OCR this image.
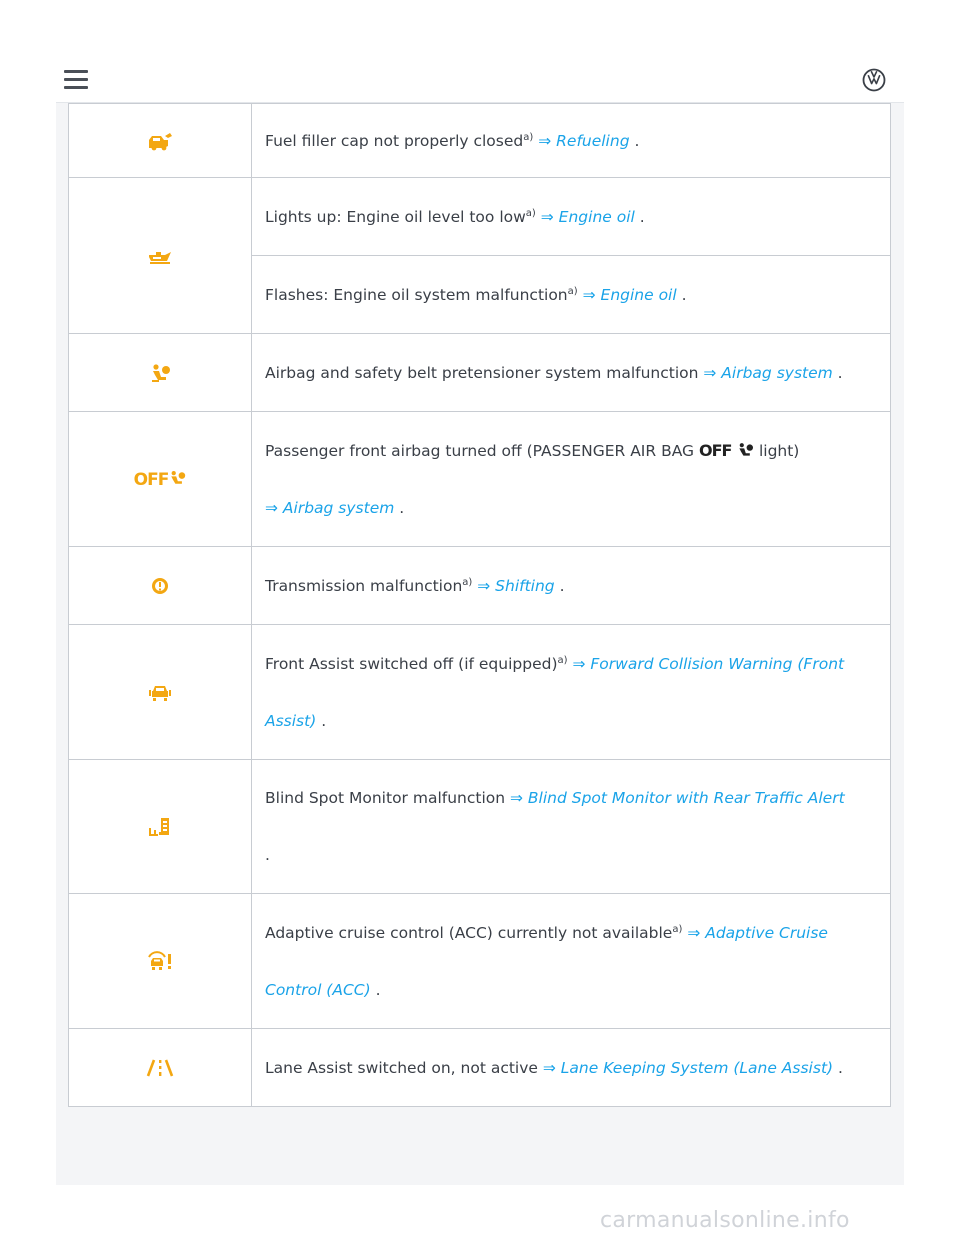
	Fuel filler cap not properly closed$^{a)}$ ⇒ Refueling .
	Lights up: Engine oil level too low$^{a)}$ ⇒ Engine oil .
	Flashes: Engine oil system malfunction$^{a)}$ ⇒ Engine oil .
	Airbag and safety belt pretensioner system malfunction ⇒ Airbag system .
OFF	Passenger front airbag turned off (PASSENGER AIR BAG OFF  light)
⇒ Airbag system .

	Transmission malfunction$^{a)}$ ⇒ Shifting .

Front Assist switched off (if equipped)$^{a)}$ ⇒ Forward Collision Warning (Front
Assist) .

Blind Spot Monitor malfunction ⇒ Blind Spot Monitor with Rear Traffic Alert
.

Adaptive cruise control (ACC) currently not available$^{a)}$ ⇒ Adaptive Cruise
Control (ACC) .

	Lane Assist switched on, not active ⇒ Lane Keeping System (Lane Assist) .
carmanualsonline.info
